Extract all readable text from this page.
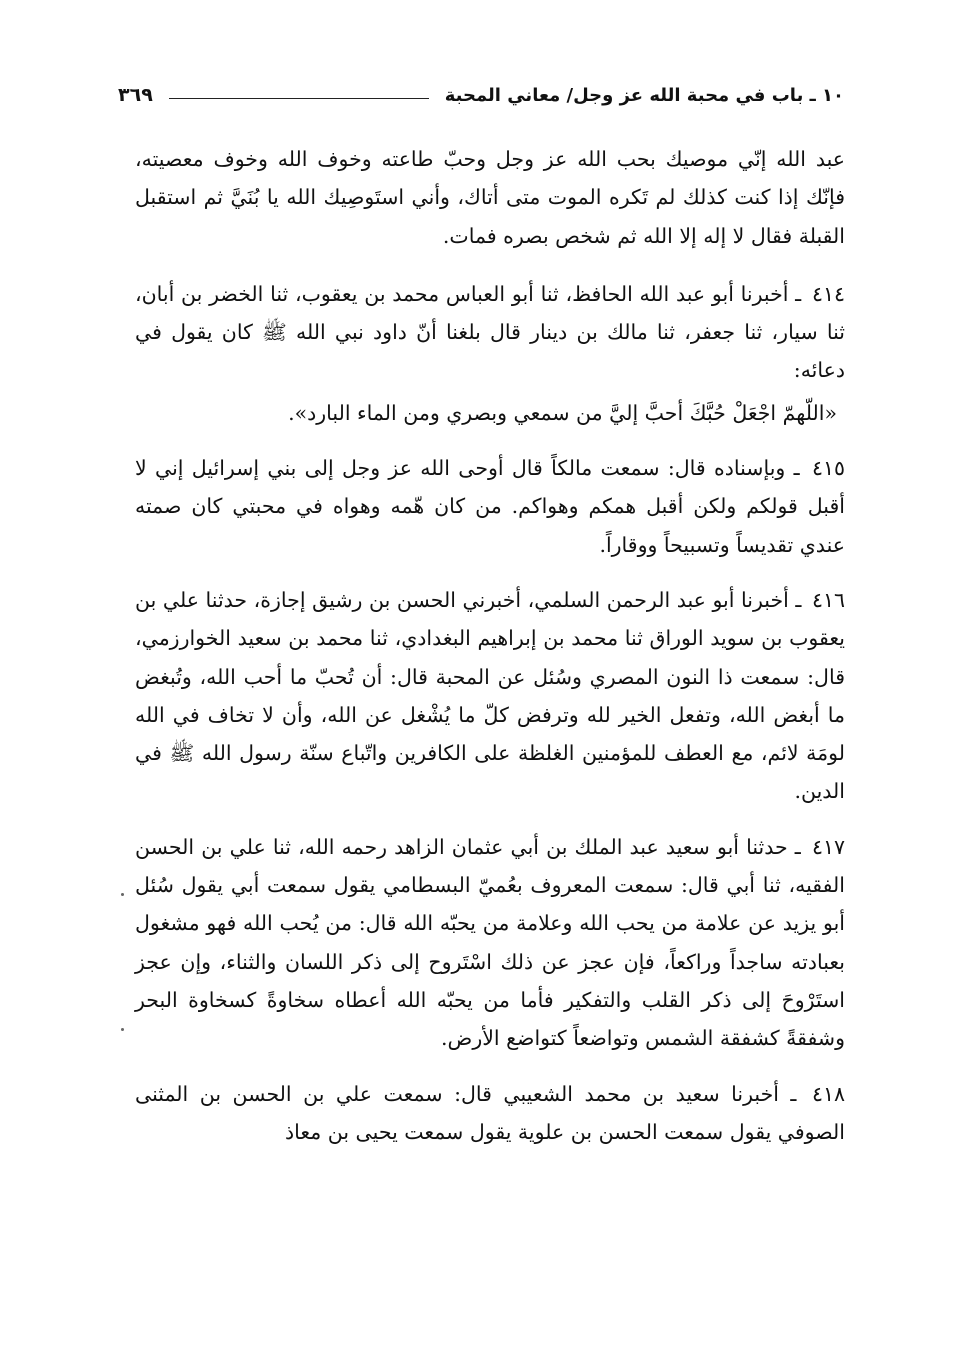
١٠ ـ باب في محبة الله عز وجل/ معاني المحبة
٣٦٩

عبد الله إنّي موصيك بحب الله عز وجل وحبّ طاعته وخوف الله وخوف معصيته، فإنّك إذا كنت كذلك لم تَكره الموت متى أتاك، وأني استَوصِيك الله يا بُنَيَّ ثم استقبل القبلة فقال لا إله إلا الله ثم شخص بصره فمات.

٤١٤ ـ أخبرنا أبو عبد الله الحافظ، ثنا أبو العباس محمد بن يعقوب، ثنا الخضر بن أبان، ثنا سيار، ثنا جعفر، ثنا مالك بن دينار قال بلغنا أنّ داود نبي الله ﷺ كان يقول في دعائه:

«اللّهمّ اجْعَلْ حُبَّكَ أحبَّ إليَّ من سمعي وبصري ومن الماء البارد».

٤١٥ ـ وبإسناده قال: سمعت مالكاً قال أوحى الله عز وجل إلى بني إسرائيل إني لا أقبل قولكم ولكن أقبل همكم وهواكم. من كان هّمه وهواه في محبتي كان صمته عندي تقديساً وتسبيحاً ووقاراً.

٤١٦ ـ أخبرنا أبو عبد الرحمن السلمي، أخبرني الحسن بن رشيق إجازة، حدثنا علي بن يعقوب بن سويد الوراق ثنا محمد بن إبراهيم البغدادي، ثنا محمد بن سعيد الخوارزمي، قال: سمعت ذا النون المصري وسُئل عن المحبة قال: أن تُحبّ ما أحب الله، وتُبغض ما أبغض الله، وتفعل الخير لله وترفض كلّ ما يُشْغل عن الله، وأن لا تخاف في الله لومَة لائم، مع العطف للمؤمنين الغلظة على الكافرين واتّباع سنّة رسول الله ﷺ في الدين.

٤١٧ ـ حدثنا أبو سعيد عبد الملك بن أبي عثمان الزاهد رحمه الله، ثنا علي بن الحسن الفقيه، ثنا أبي قال: سمعت المعروف بعُميّ البسطامي يقول سمعت أبي يقول سُئل أبو يزيد عن علامة من يحب الله وعلامة من يحبّه الله قال: من يُحب الله فهو مشغول بعبادته ساجداً وراكعاً، فإن عجز عن ذلك اسْتَروح إلى ذكر اللسان والثناء، وإن عجز استَرْوحَ إلى ذكر القلب والتفكير فأما من يحبّه الله أعطاه سخاوةً كسخاوة البحر وشفقةً كشفقة الشمس وتواضعاً كتواضع الأرض.

٤١٨ ـ أخبرنا سعيد بن محمد الشعيبي قال: سمعت علي بن الحسن بن المثنى الصوفي يقول سمعت الحسن بن علوية يقول سمعت يحيى بن معاذ
